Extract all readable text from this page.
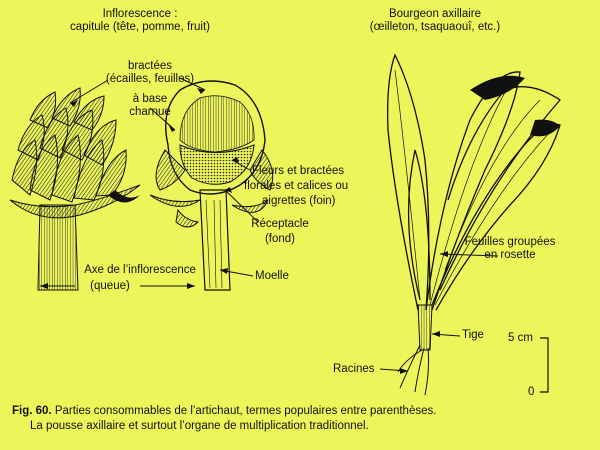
Inflorescence :
capitule (tête, pomme, fruit)
Bourgeon axillaire
(œilleton, tsaquaouî, etc.)
bractées
(écailles, feuilles)
à base
charnue
Fleurs et bractées
florales et calices ou
aigrettes (foin)
Réceptacle
(fond)
Axe de l’inflorescence
(queue)
Moelle
Feuilles groupées
en rosette
Tige
Racines
5 cm
0
Fig. 60. Parties consommables de l’artichaut, termes populaires entre parenthèses.
La pousse axillaire et surtout l’organe de multiplication traditionnel.
